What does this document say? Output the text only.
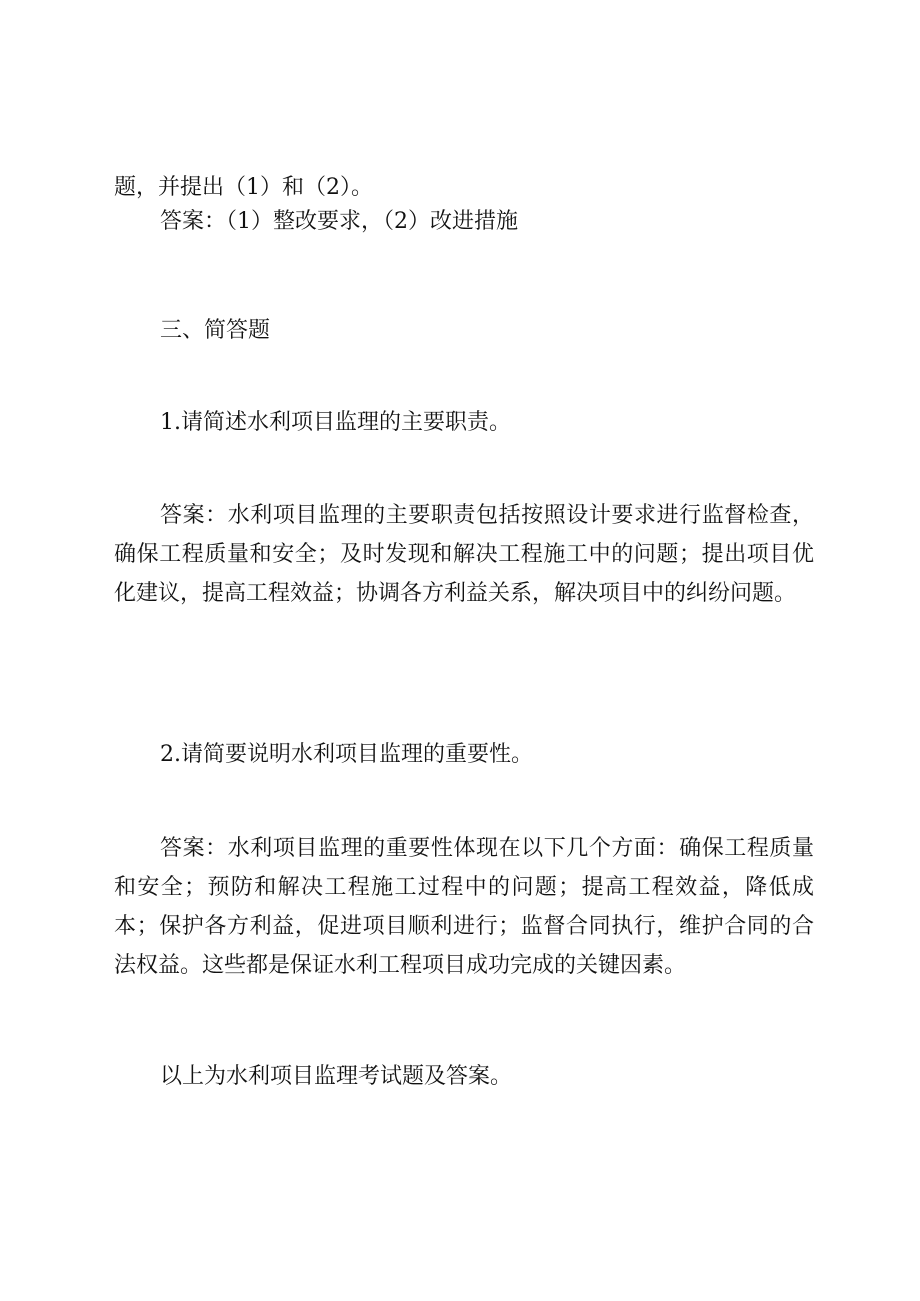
题，并提出（1）和（2）。
答案：（1）整改要求，（2）改进措施
三、简答题
1.请简述水利项目监理的主要职责。
答案：水利项目监理的主要职责包括按照设计要求进行监督检查，确保工程质量和安全；及时发现和解决工程施工中的问题；提出项目优化建议，提高工程效益；协调各方利益关系，解决项目中的纠纷问题。
2.请简要说明水利项目监理的重要性。
答案：水利项目监理的重要性体现在以下几个方面：确保工程质量和安全；预防和解决工程施工过程中的问题；提高工程效益，降低成本；保护各方利益，促进项目顺利进行；监督合同执行，维护合同的合法权益。这些都是保证水利工程项目成功完成的关键因素。
以上为水利项目监理考试题及答案。
